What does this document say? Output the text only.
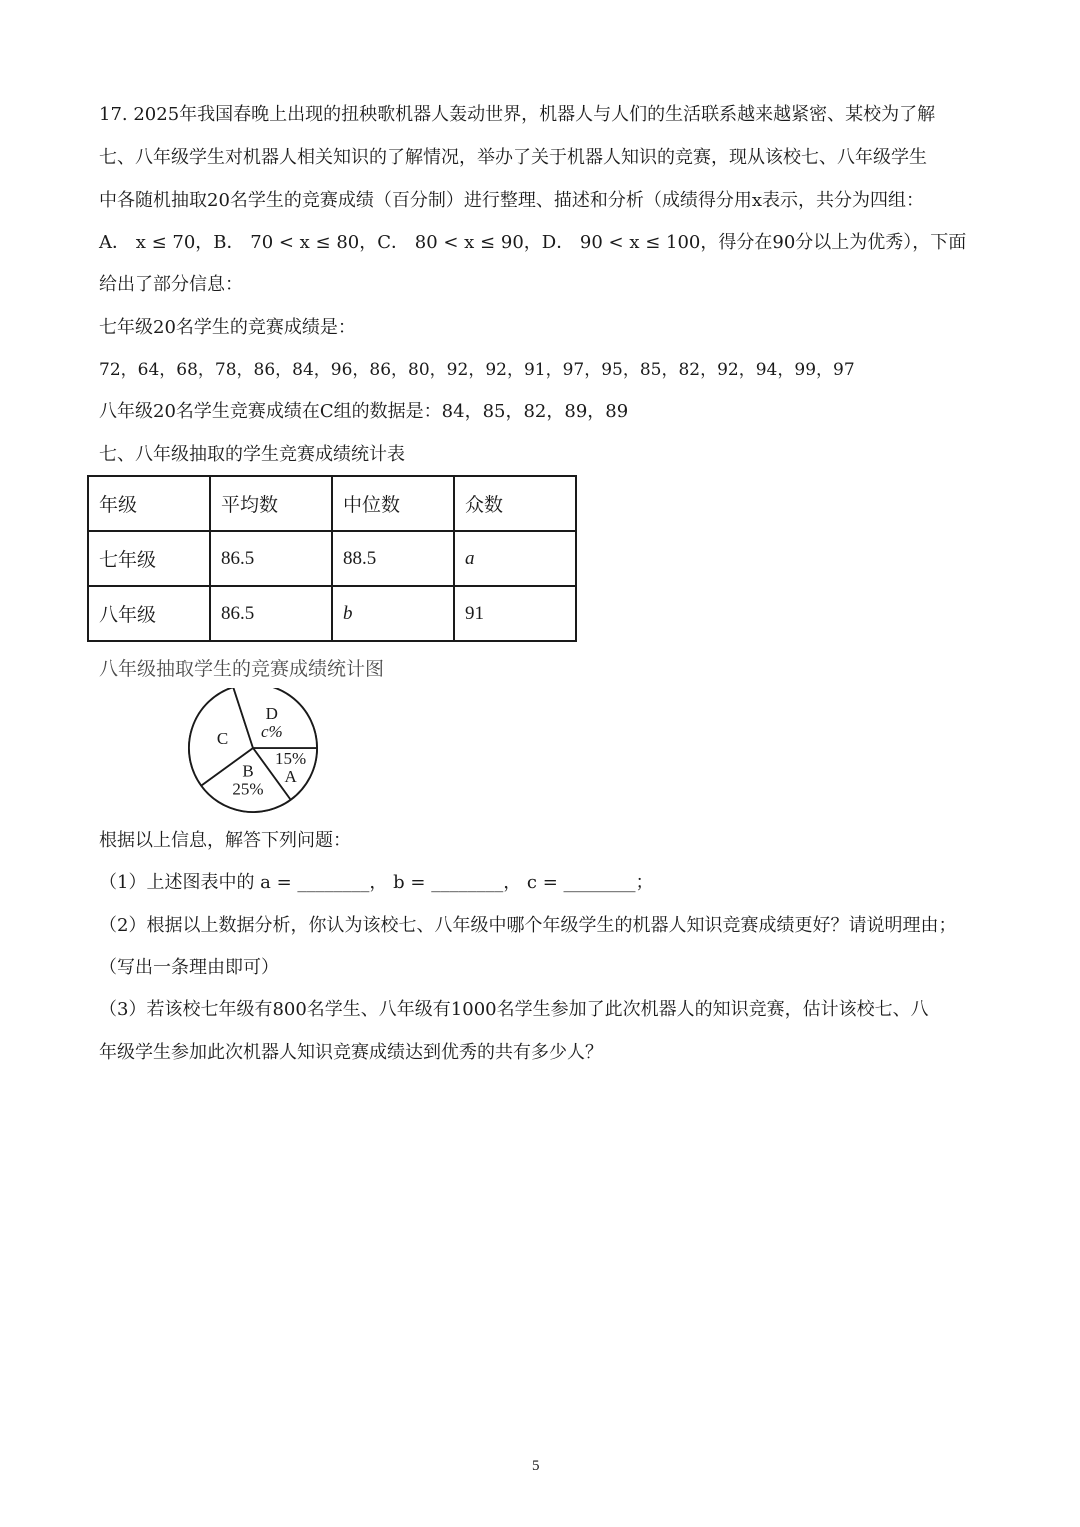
17. 2025年我国春晚上出现的扭秧歌机器人轰动世界，机器人与人们的生活联系越来越紧密、某校为了解
七、八年级学生对机器人相关知识的了解情况，举办了关于机器人知识的竞赛，现从该校七、八年级学生
中各随机抽取20名学生的竞赛成绩（百分制）进行整理、描述和分析（成绩得分用x表示，共分为四组：
A． x ≤ 70，B． 70 < x ≤ 80，C． 80 < x ≤ 90，D． 90 < x ≤ 100，得分在90分以上为优秀），下面
给出了部分信息：
七年级20名学生的竞赛成绩是：
72，64，68，78，86，84，96，86，80，92，92，91，97，95，85，82，92，94，99，97
八年级20名学生竞赛成绩在C组的数据是：84，85，82，89，89
七、八年级抽取的学生竞赛成绩统计表
年级	平均数	中位数	众数
七年级	86.5	88.5	a
八年级	86.5	b	91
八年级抽取学生的竞赛成绩统计图
15%
A
B
25%
C
D
c%
根据以上信息，解答下列问题：
（1）上述图表中的 a = ________， b = ________， c = ________；
（2）根据以上数据分析，你认为该校七、八年级中哪个年级学生的机器人知识竞赛成绩更好？请说明理由；
（写出一条理由即可）
（3）若该校七年级有800名学生、八年级有1000名学生参加了此次机器人的知识竞赛，估计该校七、八
年级学生参加此次机器人知识竞赛成绩达到优秀的共有多少人？
5
